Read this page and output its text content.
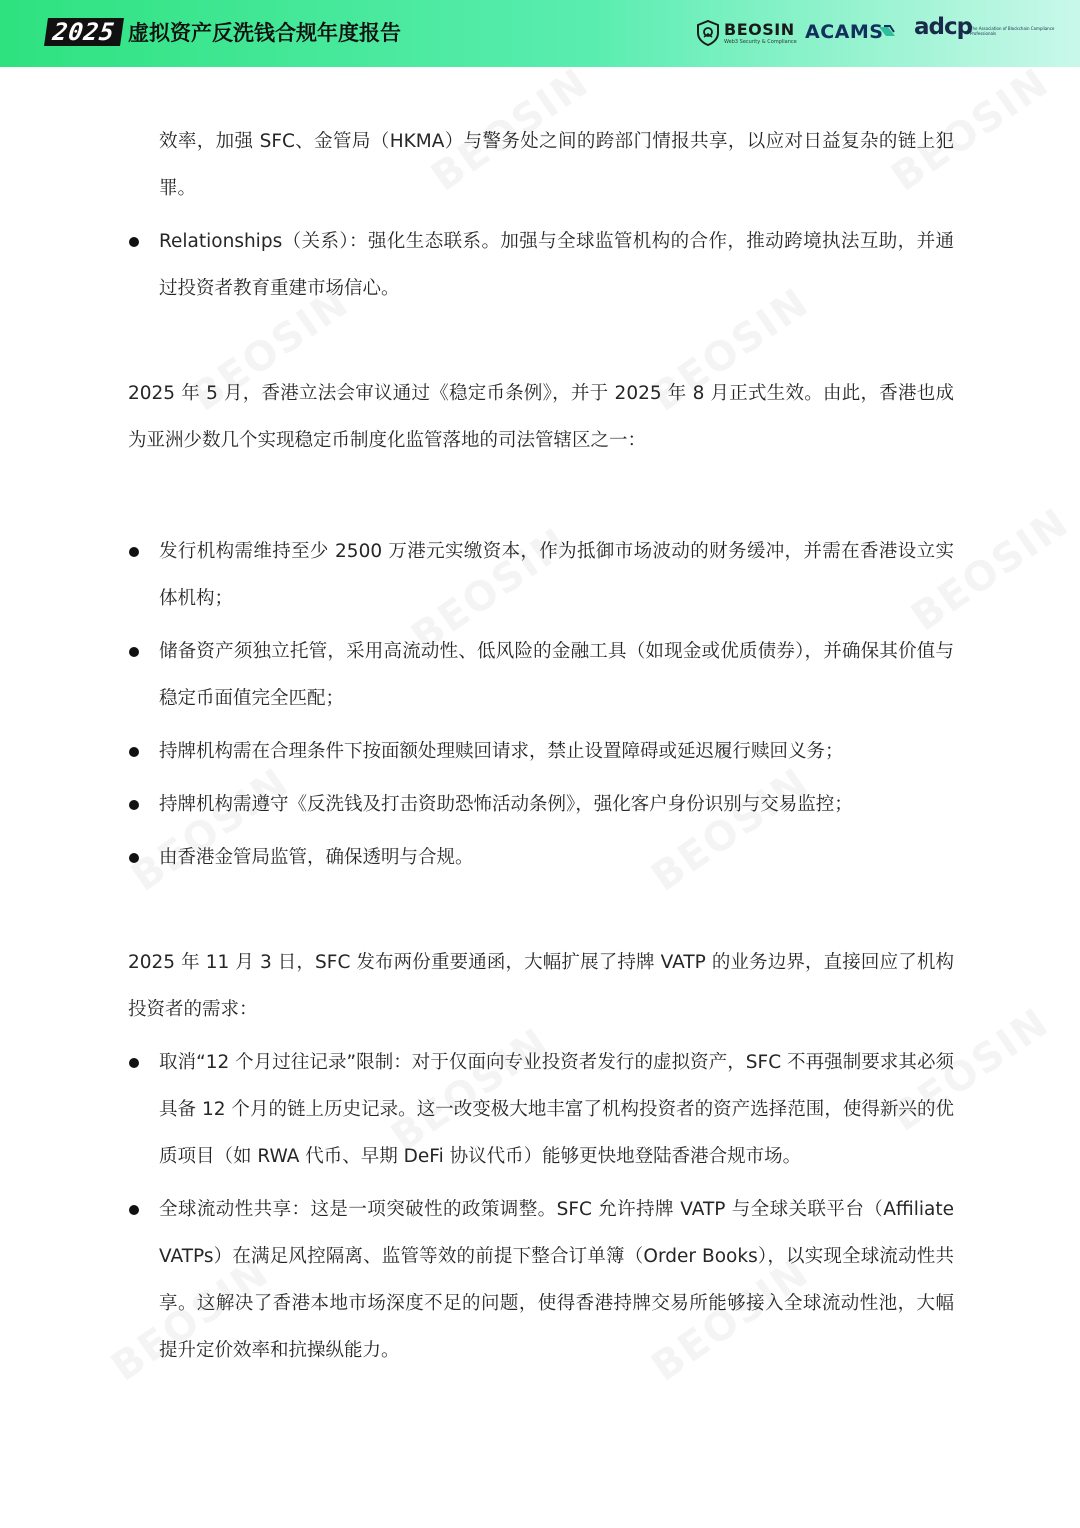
2025 虚拟资产反洗钱合规年度报告	BEOSIN
Web3 Security & Compliance ACAMS adcp
The Association of Blockchain Compliance Professionals

效率，加强 SFC、金管局（HKMA）与警务处之间的跨部门情报共享，以应对日益复杂的链上犯罪。

Relationships（关系）：强化生态联系。加强与全球监管机构的合作，推动跨境执法互助，并通过投资者教育重建市场信心。

2025 年 5 月，香港立法会审议通过《稳定币条例》，并于 2025 年 8 月正式生效。由此，香港也成为亚洲少数几个实现稳定币制度化监管落地的司法管辖区之一：

发行机构需维持至少 2500 万港元实缴资本，作为抵御市场波动的财务缓冲，并需在香港设立实体机构；

储备资产须独立托管，采用高流动性、低风险的金融工具（如现金或优质债券），并确保其价值与稳定币面值完全匹配；

持牌机构需在合理条件下按面额处理赎回请求，禁止设置障碍或延迟履行赎回义务；

持牌机构需遵守《反洗钱及打击资助恐怖活动条例》，强化客户身份识别与交易监控；

由香港金管局监管，确保透明与合规。

2025 年 11 月 3 日，SFC 发布两份重要通函，大幅扩展了持牌 VATP 的业务边界，直接回应了机构投资者的需求：

取消“12 个月过往记录”限制：对于仅面向专业投资者发行的虚拟资产，SFC 不再强制要求其必须具备 12 个月的链上历史记录。这一改变极大地丰富了机构投资者的资产选择范围，使得新兴的优质项目（如 RWA 代币、早期 DeFi 协议代币）能够更快地登陆香港合规市场。

全球流动性共享：这是一项突破性的政策调整。SFC 允许持牌 VATP 与全球关联平台（Affiliate VATPs）在满足风控隔离、监管等效的前提下整合订单簿（Order Books），以实现全球流动性共享。这解决了香港本地市场深度不足的问题，使得香港持牌交易所能够接入全球流动性池，大幅提升定价效率和抗操纵能力。
